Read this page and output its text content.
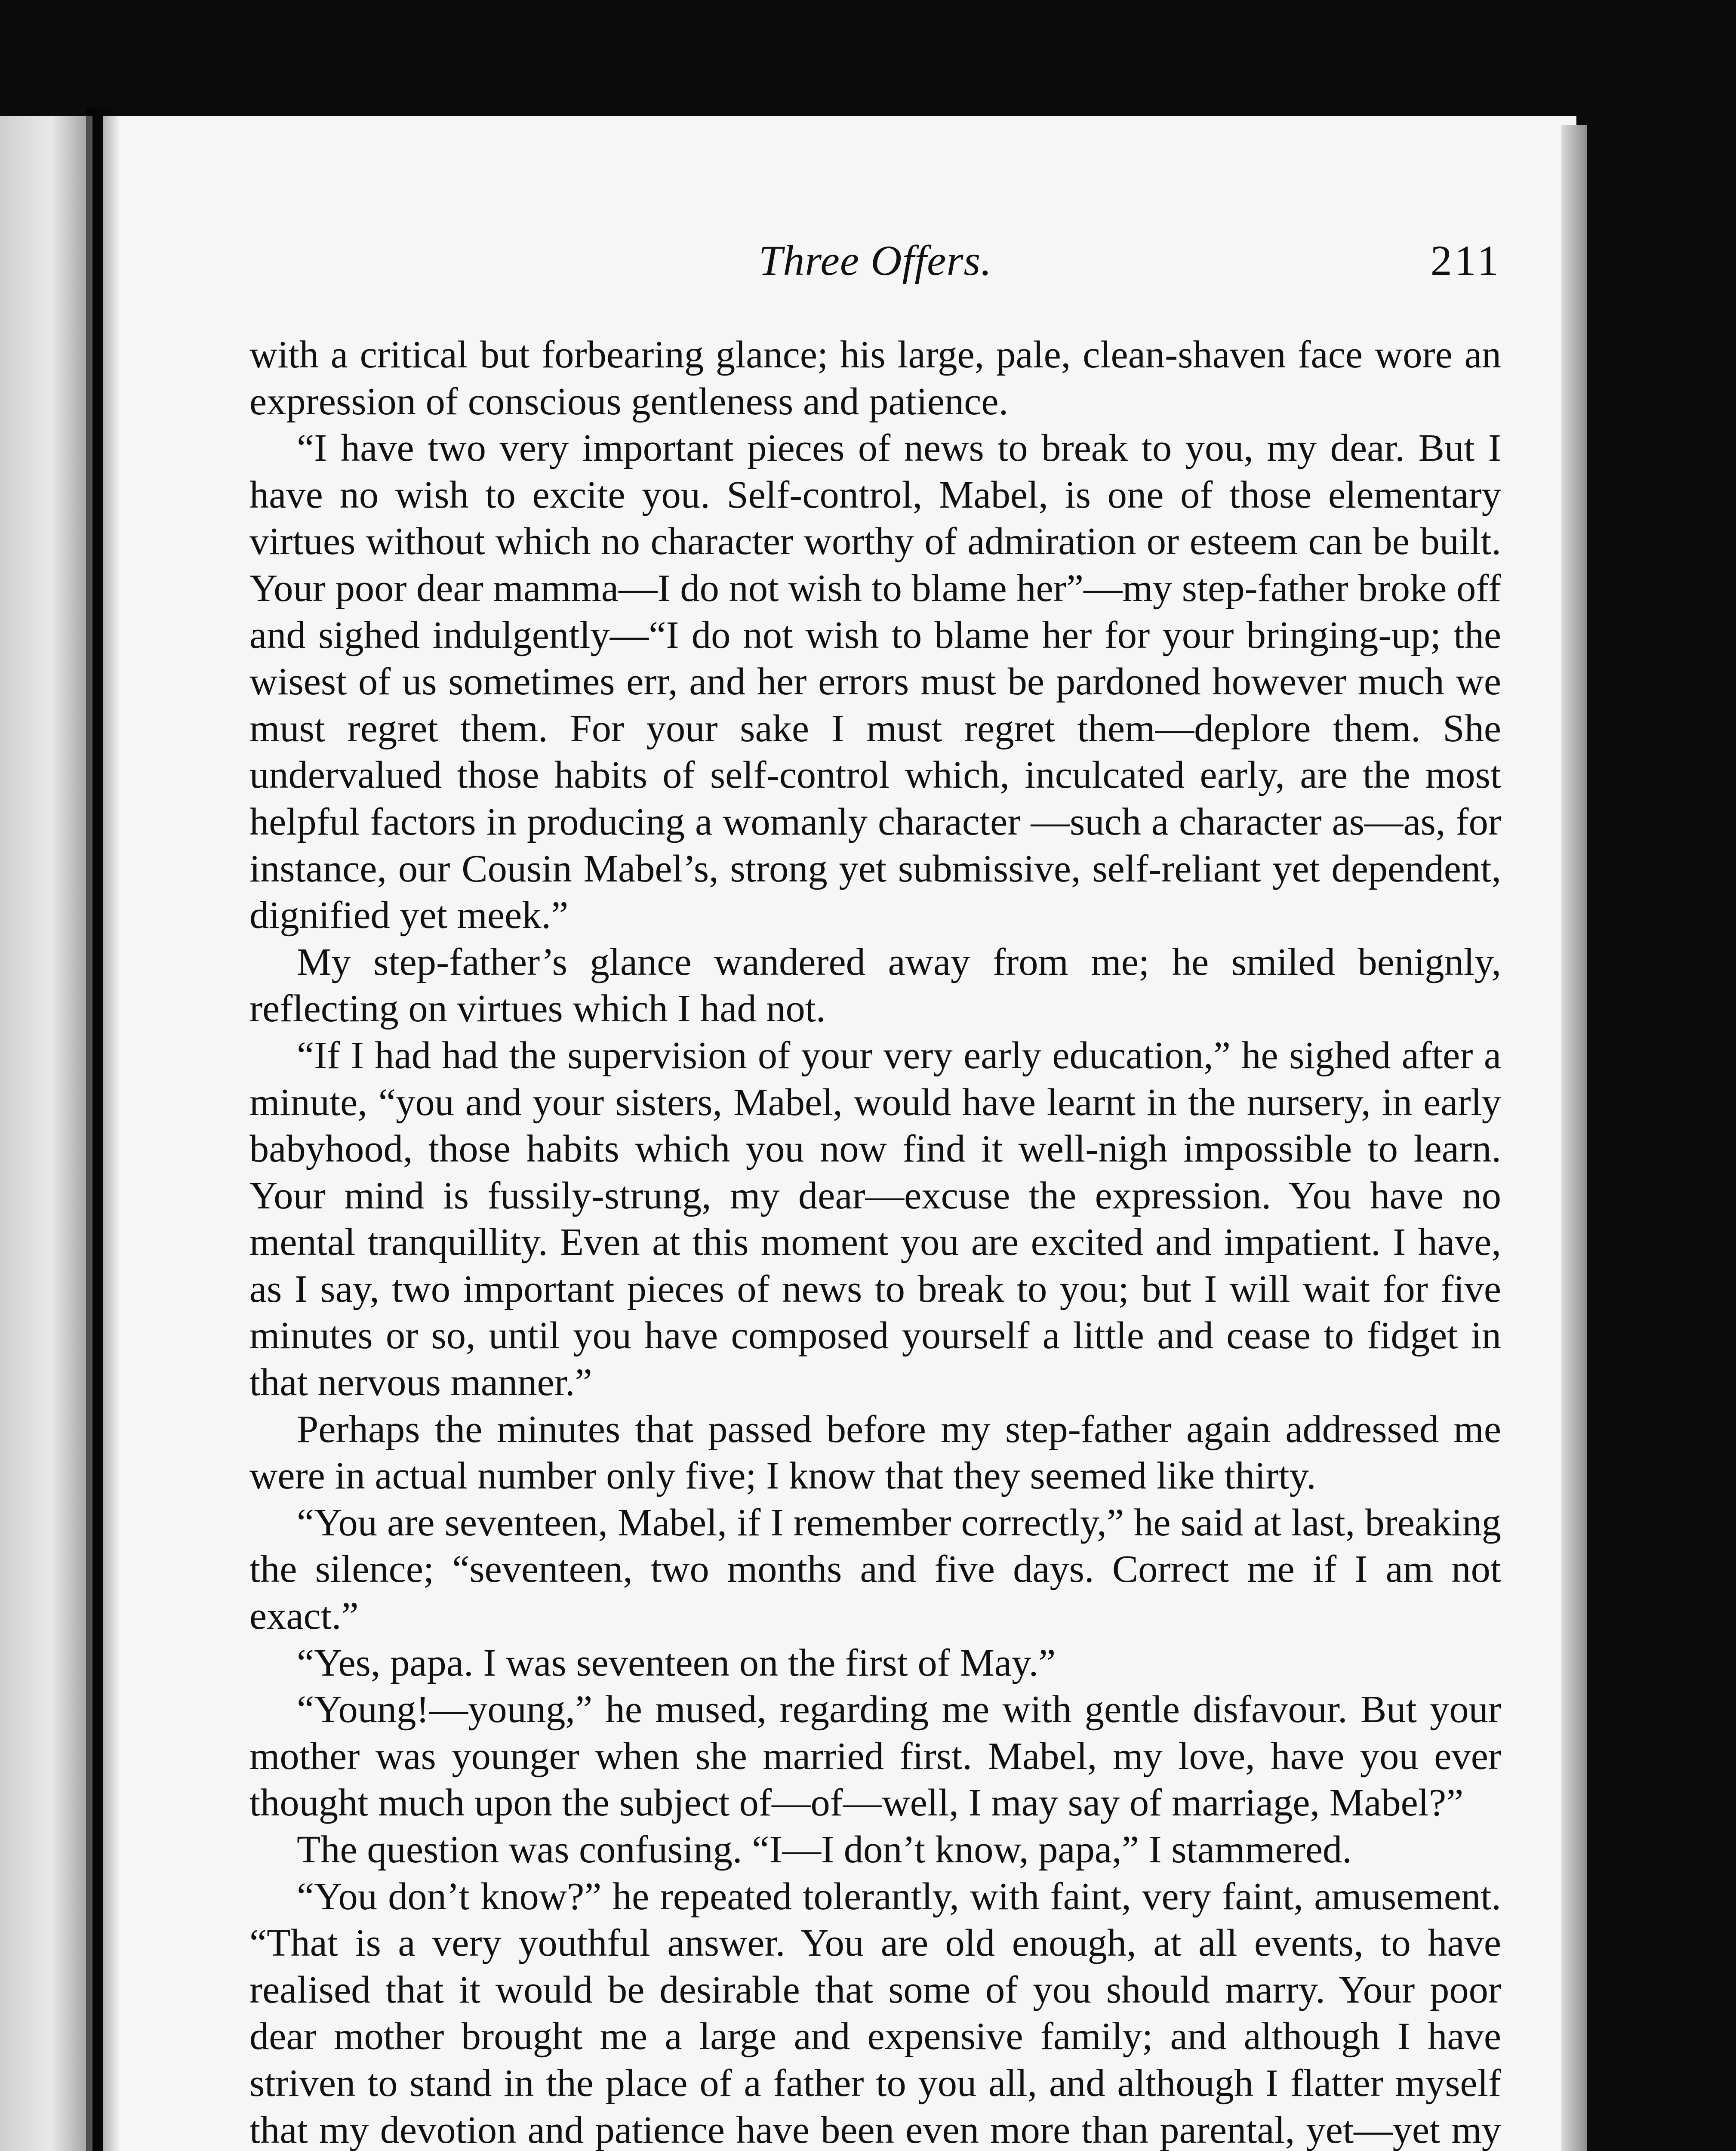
Three Offers.	211

with a critical but forbearing glance; his large, pale, clean-shaven face wore an expression of conscious gentleness and patience.

“I have two very important pieces of news to break to you, my dear. But I have no wish to excite you. Self-control, Mabel, is one of those elementary virtues without which no character worthy of admiration or esteem can be built. Your poor dear mamma—I do not wish to blame her”—my step-father broke off and sighed indulgently—“I do not wish to blame her for your bringing-up; the wisest of us sometimes err, and her errors must be pardoned however much we must regret them. For your sake I must regret them—deplore them. She undervalued those habits of self-control which, inculcated early, are the most helpful factors in producing a womanly character —such a character as—as, for instance, our Cousin Mabel’s, strong yet submissive, self-reliant yet dependent, dignified yet meek.”

My step-father’s glance wandered away from me; he smiled benignly, reflecting on virtues which I had not.

“If I had had the supervision of your very early education,” he sighed after a minute, “you and your sisters, Mabel, would have learnt in the nursery, in early babyhood, those habits which you now find it well-nigh impossible to learn. Your mind is fussily-strung, my dear—excuse the expression. You have no mental tranquillity. Even at this moment you are excited and impatient. I have, as I say, two important pieces of news to break to you; but I will wait for five minutes or so, until you have composed yourself a little and cease to fidget in that nervous manner.”

Perhaps the minutes that passed before my step-father again addressed me were in actual number only five; I know that they seemed like thirty.

“You are seventeen, Mabel, if I remember correctly,” he said at last, breaking the silence; “seventeen, two months and five days. Correct me if I am not exact.”

“Yes, papa. I was seventeen on the first of May.”

“Young!—young,” he mused, regarding me with gentle disfavour. But your mother was younger when she married first. Mabel, my love, have you ever thought much upon the subject of—of—well, I may say of marriage, Mabel?”

The question was confusing. “I—I don’t know, papa,” I stammered.

“You don’t know?” he repeated tolerantly, with faint, very faint, amusement. “That is a very youthful answer. You are old enough, at all events, to have realised that it would be desirable that some of you should marry. Your poor dear mother brought me a large and expensive family; and although I have striven to stand in the place of a father to you all, and although I flatter myself that my devotion and patience have been even more than parental, yet—yet my
